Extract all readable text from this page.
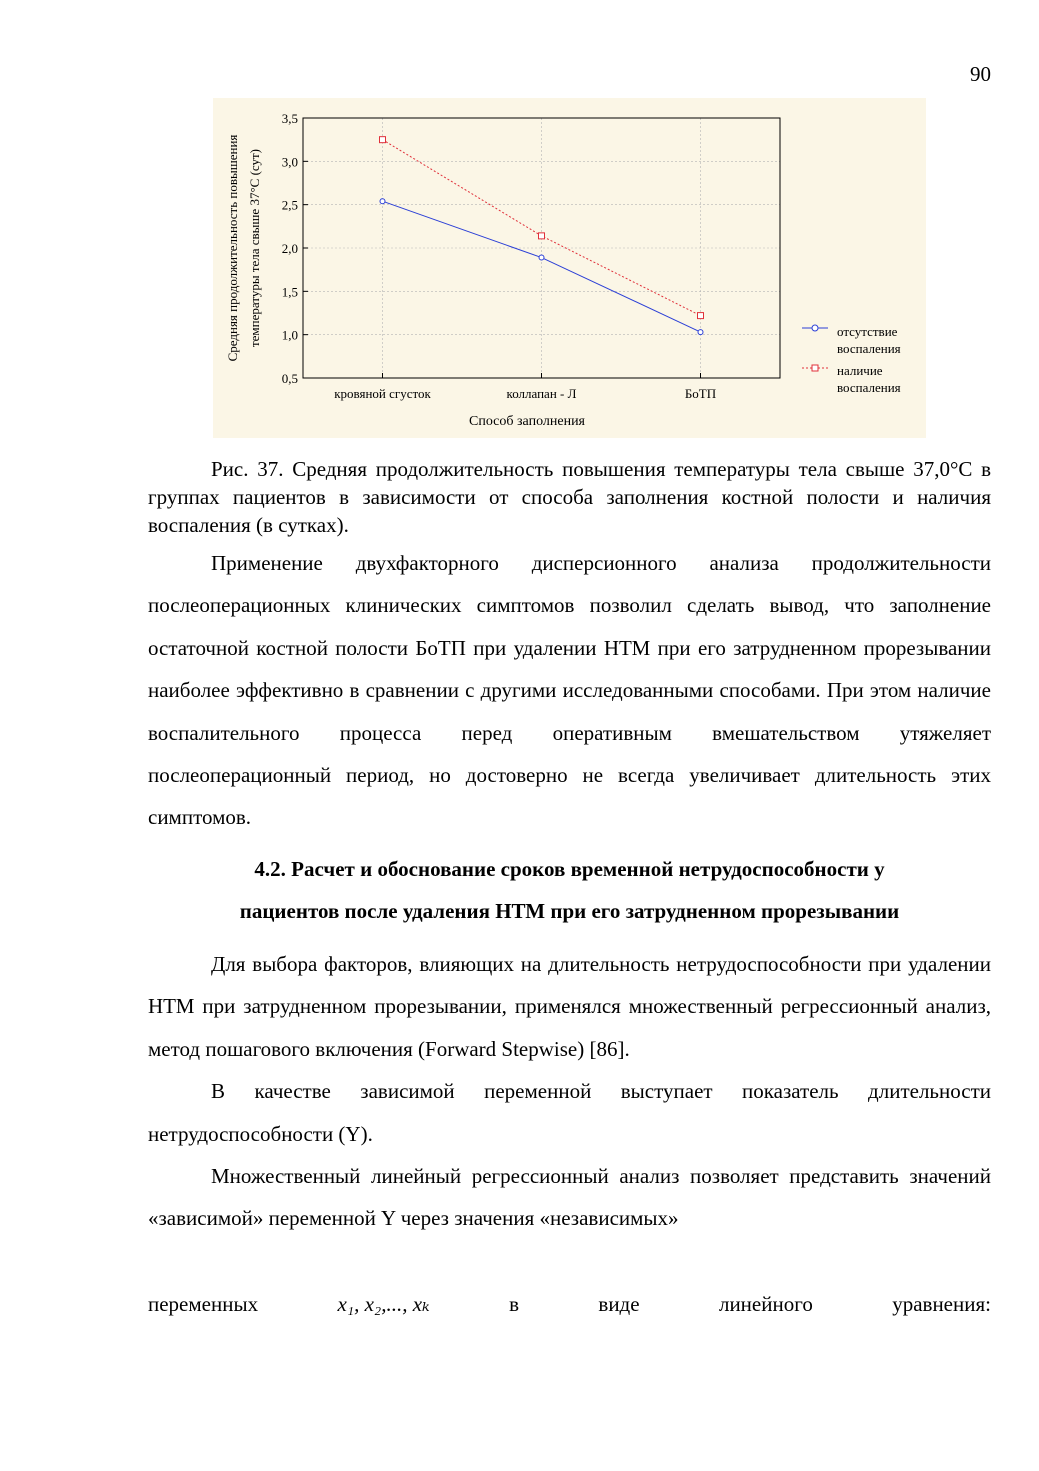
90
0,5
1,0
1,5
2,0
2,5
3,0
3,5
кровяной сгусток	коллапан - Л	БоТП
Средняя продолжительность повышения температуры тела свыше 37°С (сут)
Способ заполнения
отсутствие
воспаления
наличие
воспаления

Рис. 37. Средняя продолжительность повышения температуры тела свыше 37,0°С в группах пациентов в зависимости от способа заполнения костной полости и наличия воспаления (в сутках).

Применение двухфакторного дисперсионного анализа продолжительности послеоперационных клинических симптомов позволил сделать вывод, что заполнение остаточной костной полости БоТП при удалении НТМ при его затрудненном прорезывании наиболее эффективно в сравнении с другими исследованными способами. При этом наличие воспалительного процесса перед оперативным вмешательством утяжеляет послеоперационный период, но достоверно не всегда увеличивает длительность этих симптомов.

4.2. Расчет и обоснование сроков временной нетрудоспособности у

пациентов после удаления НТМ при его затрудненном прорезывании

Для выбора факторов, влияющих на длительность нетрудоспособности при удалении НТМ при затрудненном прорезывании, применялся множественный регрессионный анализ, метод пошагового включения (Forward Stepwise) [86].

В качестве зависимой переменной выступает показатель длительности нетрудоспособности (Y).

Множественный линейный регрессионный анализ позволяет представить значений «зависимой» переменной Y через значения «независимых»

переменных	x₁, x₂,..., xₖ	в	виде	линейного	уравнения:
